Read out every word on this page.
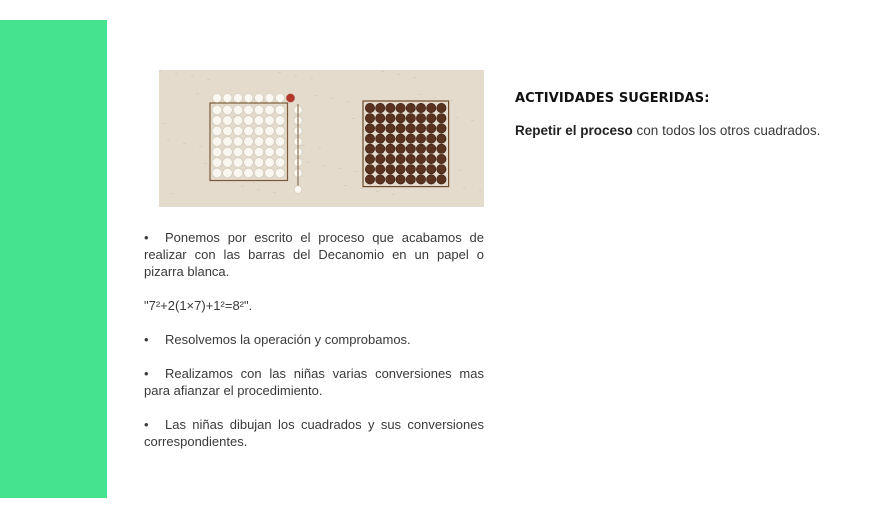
• Ponemos por escrito el proceso que acabamos de realizar con las barras del Decanomio en un papel o pizarra blanca.

"7²+2(1×7)+1²=8²".

• Resolvemos la operación y comprobamos.

• Realizamos con las niñas varias conversiones mas para afianzar el procedimiento.

• Las niñas dibujan los cuadrados y sus conversiones correspondientes.

ACTIVIDADES SUGERIDAS:

Repetir el proceso con todos los otros cuadrados.
